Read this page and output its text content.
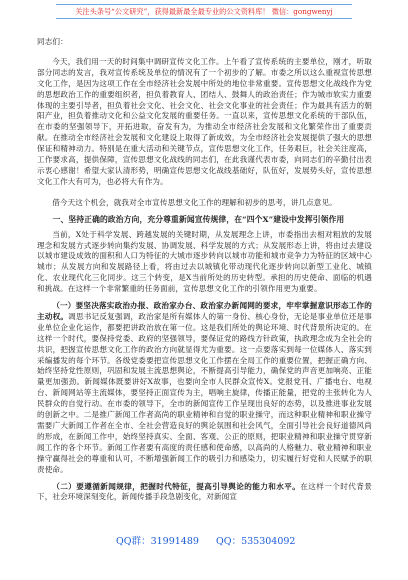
关注头条号“公文研究”，获得最新最全最专业的公文资料库！ 微信：gongwenyj

同志们：

今天，我们用一天的时间集中调研宣传文化工作。上午看了宣传系统的主要单位，刚才，听取部分同志的发言，我对宣传系统及单位的情况有了一个初步的了解。市委之所以这么重视宣传思想文化工作，是因为这项工作在全市经济社会发展中所处的地位非常重要。宣传思想文化战线作为党的思想政治工作的重要组织者，担负着教育人、团结人、鼓舞人的政治责任；作为城市软实力重要体现的主要引导者，担负着社会文化、社会文化、社会文化事业的社会责任；作为最具有活力的朝阳产业，担负着推动文化和公益文化发展的重要任务。一直以来，宣传思想文化系统的干部队伍，在市委的坚强领导下，开拓进取，奋发有为，为推动全市经济社会发展和文化繁荣作出了重要贡献。在推动全市经济社会发展和文化建设上取得了新成效，为全市经济社会发展提供了强大的思想保证和精神动力。特别是在重大活动和关键节点，宣传思想文化工作，任务艰巨，社会关注度高，工作要求高，提供保障，宣传思想文化战线的同志们，在此我谨代表市委，向同志们的辛勤付出表示衷心感谢！希望大家认清形势，明确宣传思想文化战线基础好，队伍好，发展势头好，宣传思想文化工作大有可为，也必将大有作为。

借今天这个机会，就我对全市宣传思想文化工作的理解和初步的思考，讲几点意见。

一、坚持正确的政治方向，充分尊重新闻宣传规律，在“四个X”建设中发挥引领作用

当前，X处于科学发展、跨越发展的关键时期，从发展理念上讲，市委指出去相对粗放的发展理念和发展方式逐步转向集约发展、协调发展、科学发展的方式；从发展形态上讲，将由过去建设以城市建设成效的面积和人口为特征的大城市逐步转向以城市功能和城市竞争力为特征的区域中心城市；从发展方向和发展路径上看，将由过去以城镇化带动现代化逐步转向以新型工业化、城镇化、农业现代化三化同步。这三个转变，是X当前所处的历史转型。承担的历史使命、面临的机遇和挑战。在这样一个非常繁重的任务面前，宣传思想文化工作的引领作用更为重要。

（一）要坚决落实政治办报、政治家办台、政治家办新闻网的要求，牢牢掌握意识形态工作的主动权。凋思书记反复强调，政治家是所有媒体人的第一身份、核心身份，无论是事业单位还是事业单位企业化运作，都要把讲政治放在第一位。这是我们所处的舆论环境、时代背景所决定的。在这样一个时代，要保持党委、政府的坚强领导，要保证党的路线方针政策，执政理念成为全社会的共识，把握宣传思想文化工作的政治方向就显得尤为重要。这一点要落实到每一位媒体人、落实到采编播发的每个环节。各级党委要把宣传思想文化工作摆在全局工作的重要位置，把握正确方向、始终坚持党性原则，巩固和发展主流思想舆论，不断提高引导能力，确保党的声音更加响亮、正能量更加强劲。新闻媒体既要讲好X故事，也要向全市人民群众宣传X。党报党刊、广播电台、电视台、新闻网站等主流媒体，要坚持正面宣传为主，唱响主旋律，传播正能量，把党的主张转化为人民群众的自觉行动。在市委的领导下，全市的新闻宣传工作呈现出良好的态势，以及推进事业发展的创新之中。二是推广新闻工作者高尚的职业精神和自觉的职业操守，而这种职业精神和职业操守需要广大新闻工作者在全市、全社会营造良好的舆论氛围和社会风气，全面引导社会良好道德风尚的形成，在新闻工作中，始终坚持真实、全面、客观、公正的原则，把职业精神和职业操守贯穿新闻工作的各个环节。新闻工作者要有高度的责任感和使命感，以高尚的人格魅力、敬业精神和职业操守赢得社会的尊重和认可，不断增强新闻工作的吸引力和感染力，切实履行好党和人民赋予的职责使命。

（二）要遵循新闻规律，把握时代特征，提高引导舆论的能力和水平。在这样一个时代背景下，社会环境深刻变化，新闻传播手段急剧变化，对新闻宣

QQ群：31991489 QQ：535304092
